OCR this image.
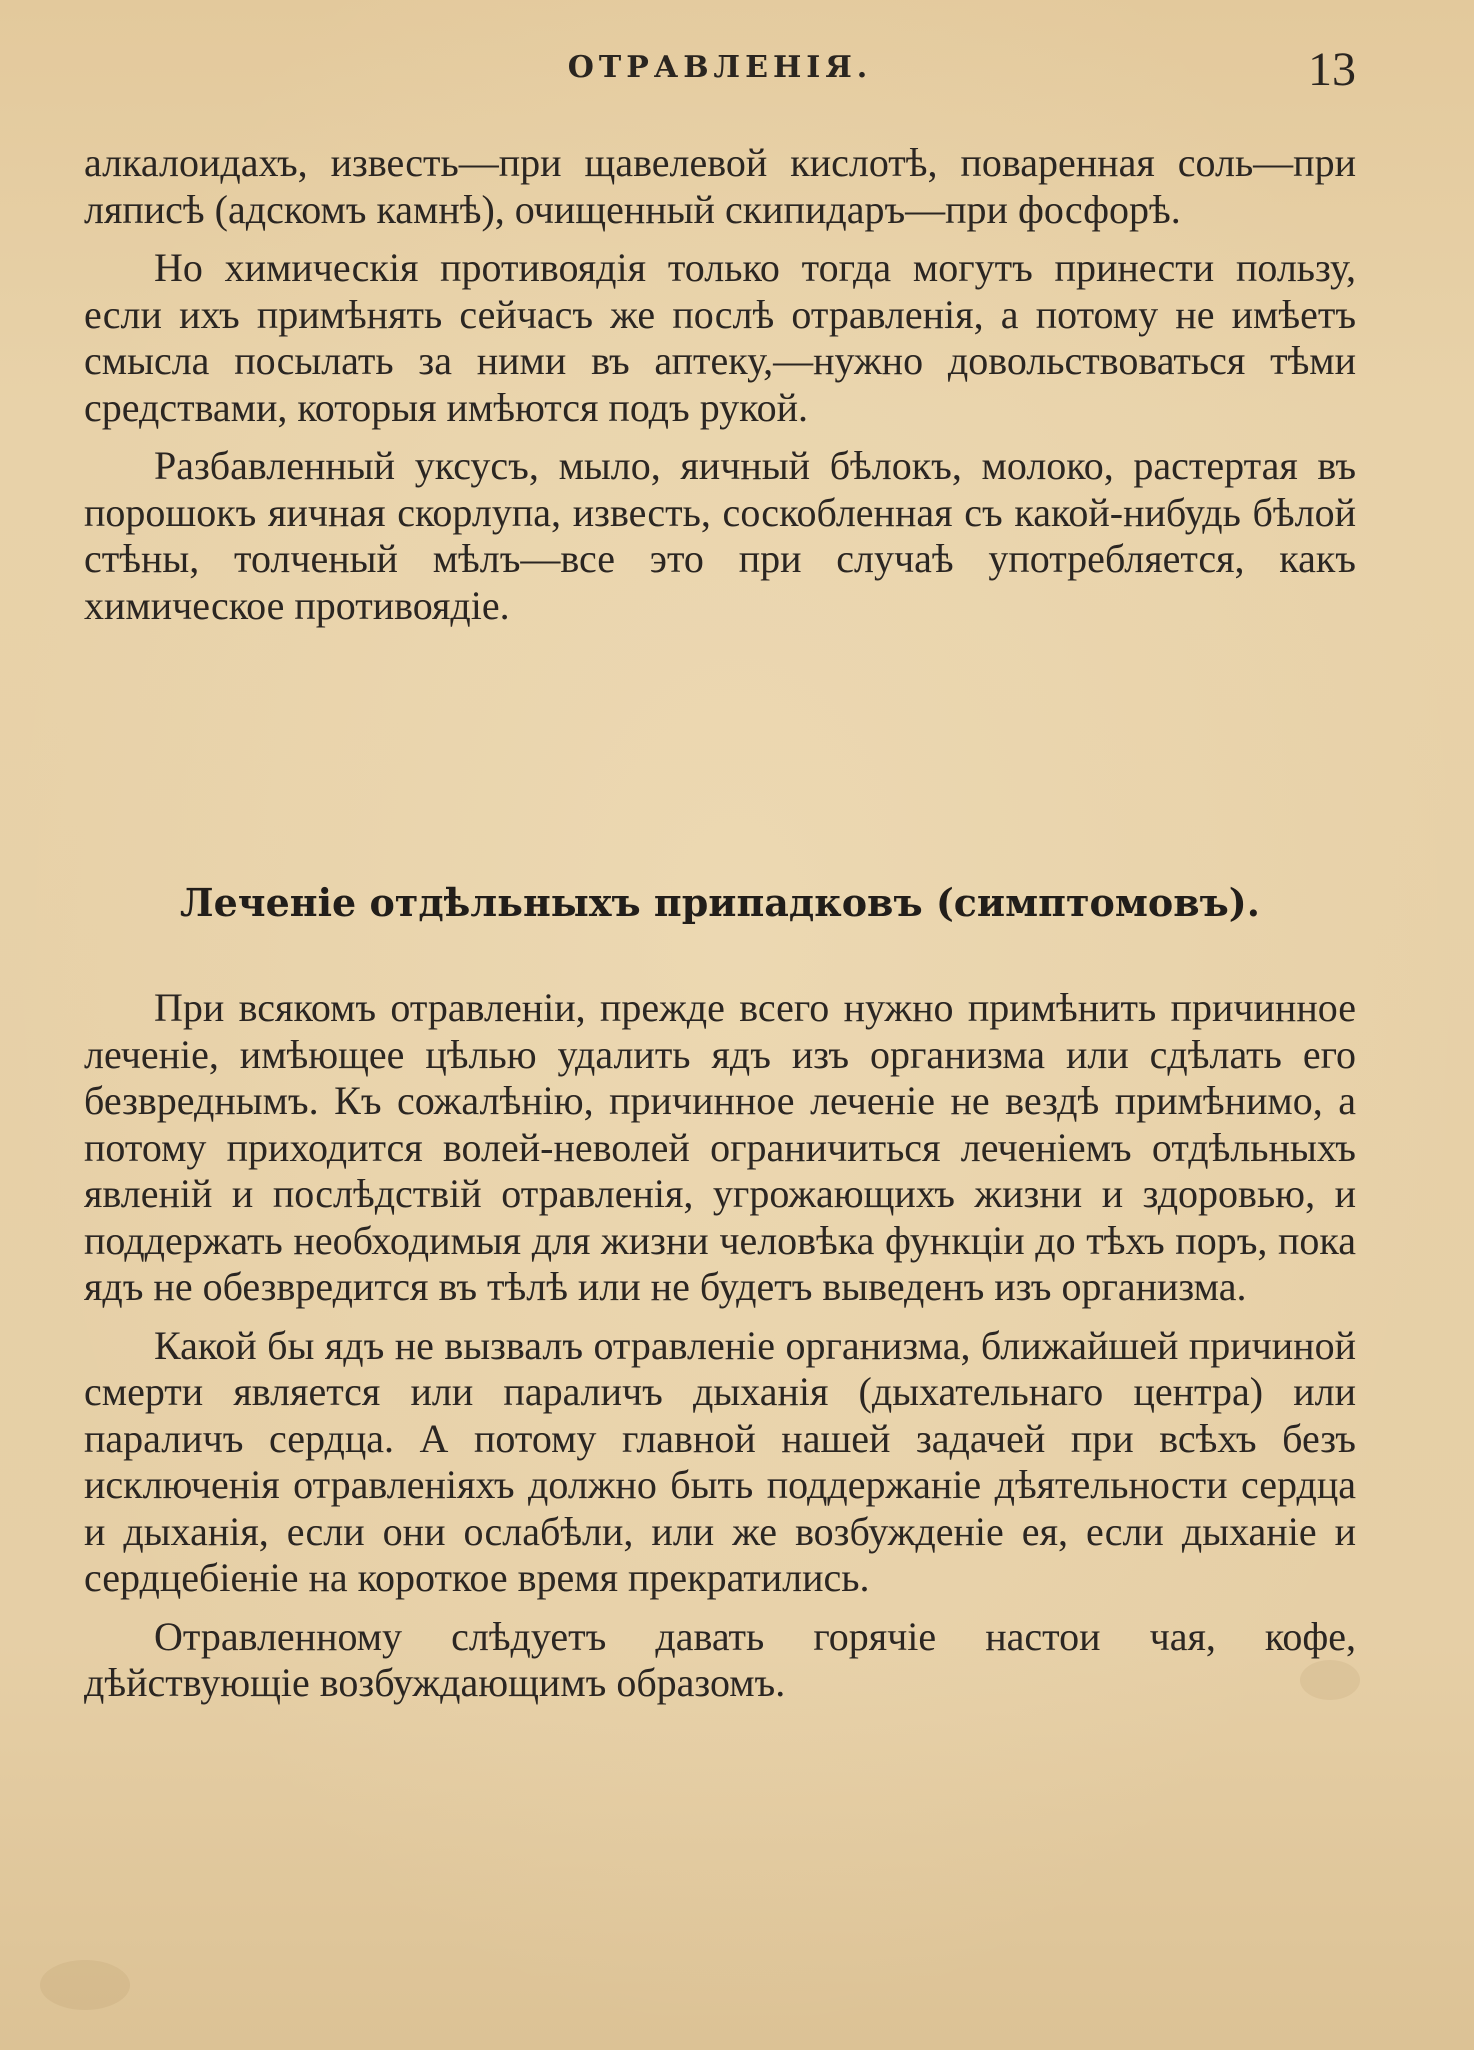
ОТРАВЛЕНІЯ.	13

алкалоидахъ, известь—при щавелевой кислотѣ, поваренная соль—при ляписѣ (адскомъ камнѣ), очищенный скипидаръ—при фосфорѣ.

Но химическія противоядія только тогда могутъ принести пользу, если ихъ примѣнять сейчасъ же послѣ отравленія, а потому не имѣетъ смысла посылать за ними въ аптеку,—нужно довольствоваться тѣми средствами, которыя имѣются подъ рукой.

Разбавленный уксусъ, мыло, яичный бѣлокъ, молоко, растертая въ порошокъ яичная скорлупа, известь, соскобленная съ какой-нибудь бѣлой стѣны, толченый мѣлъ—все это при случаѣ употребляется, какъ химическое противоядіе.

Леченіе отдѣльныхъ припадковъ (симптомовъ).

При всякомъ отравленіи, прежде всего нужно примѣнить причинное леченіе, имѣющее цѣлью удалить ядъ изъ организма или сдѣлать его безвреднымъ. Къ сожалѣнію, причинное леченіе не вездѣ примѣнимо, а потому приходится волей-неволей ограничиться леченіемъ отдѣльныхъ явленій и послѣдствій отравленія, угрожающихъ жизни и здоровью, и поддержать необходимыя для жизни человѣка функціи до тѣхъ поръ, пока ядъ не обезвредится въ тѣлѣ или не будетъ выведенъ изъ организма.

Какой бы ядъ не вызвалъ отравленіе организма, ближайшей причиной смерти является или параличъ дыханія (дыхательнаго центра) или параличъ сердца. А потому главной нашей задачей при всѣхъ безъ исключенія отравленіяхъ должно быть поддержаніе дѣятельности сердца и дыханія, если они ослабѣли, или же возбужденіе ея, если дыханіе и сердцебіеніе на короткое время прекратились.

Отравленному слѣдуетъ давать горячіе настои чая, кофе, дѣйствующіе возбуждающимъ образомъ.
